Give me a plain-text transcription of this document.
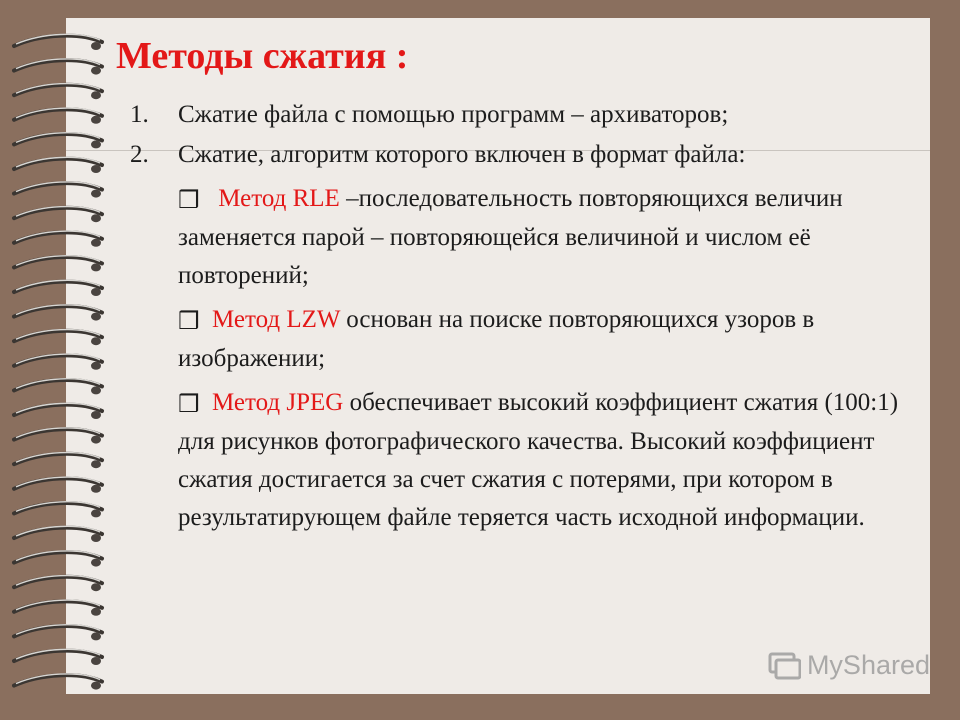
Методы сжатия :
1.	Сжатие файла с помощью программ – архиваторов;
2.	Сжатие, алгоритм которого включен в формат файла:
❒ Метод RLE –последовательность повторяющихся величин заменяется парой – повторяющейся величиной и числом её повторений;
❒ Метод LZW основан на поиске повторяющихся узоров в изображении;
❒ Метод JPEG обеспечивает высокий коэффициент сжатия (100:1) для рисунков фотографического качества. Высокий коэффициент сжатия достигается за счет сжатия с потерями, при котором в результатирующем файле теряется часть исходной информации.
MyShared
